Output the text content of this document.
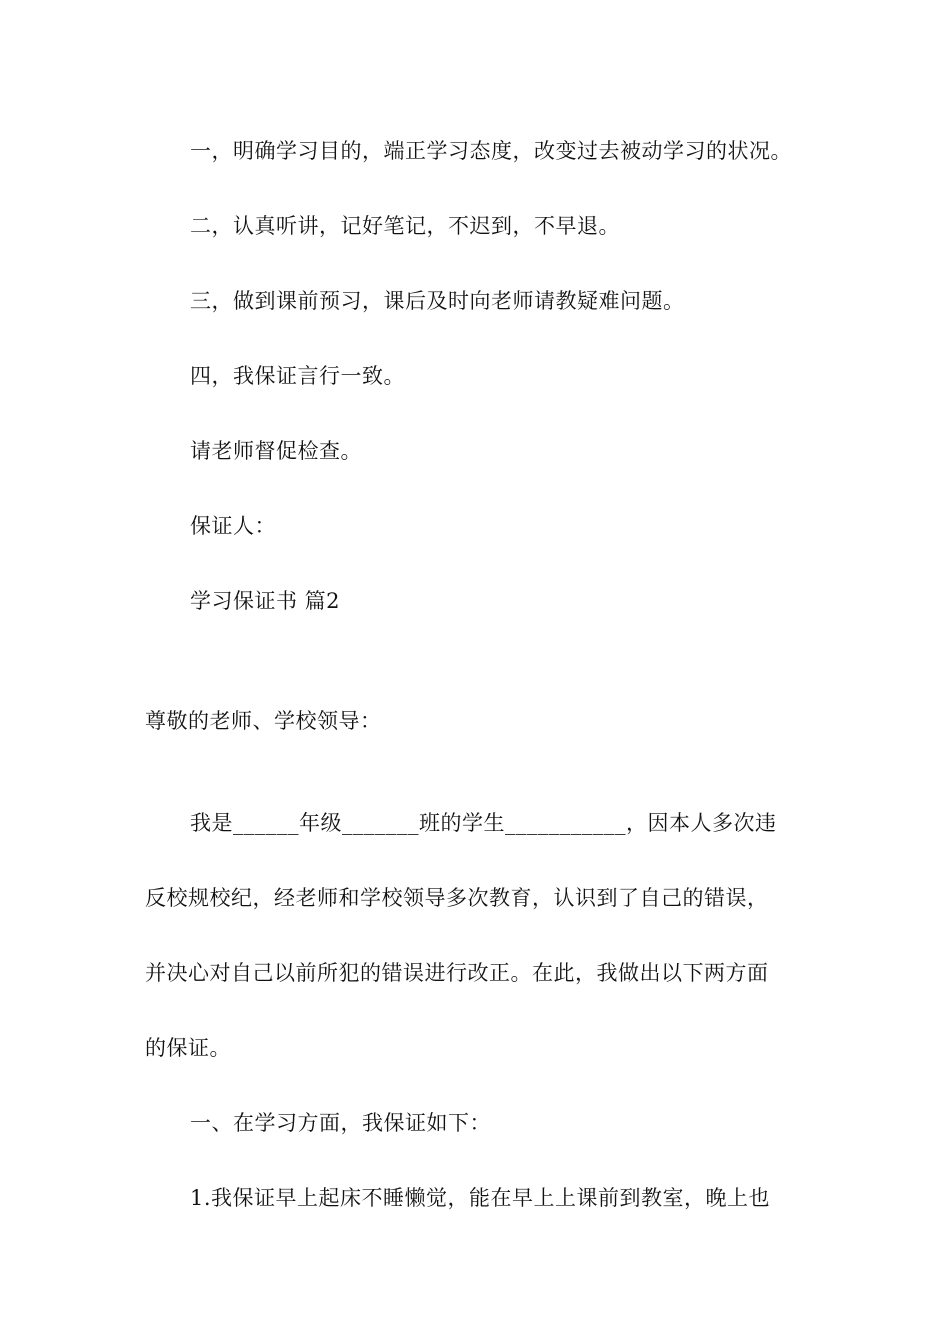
一，明确学习目的，端正学习态度，改变过去被动学习的状况。
二，认真听讲，记好笔记，不迟到，不早退。
三，做到课前预习，课后及时向老师请教疑难问题。
四，我保证言行一致。
请老师督促检查。
保证人：
学习保证书 篇2
尊敬的老师、学校领导：
我是______年级_______班的学生___________，因本人多次违
反校规校纪，经老师和学校领导多次教育，认识到了自己的错误，
并决心对自己以前所犯的错误进行改正。在此，我做出以下两方面
的保证。
一、在学习方面，我保证如下：
1.我保证早上起床不睡懒觉，能在早上上课前到教室，晚上也
